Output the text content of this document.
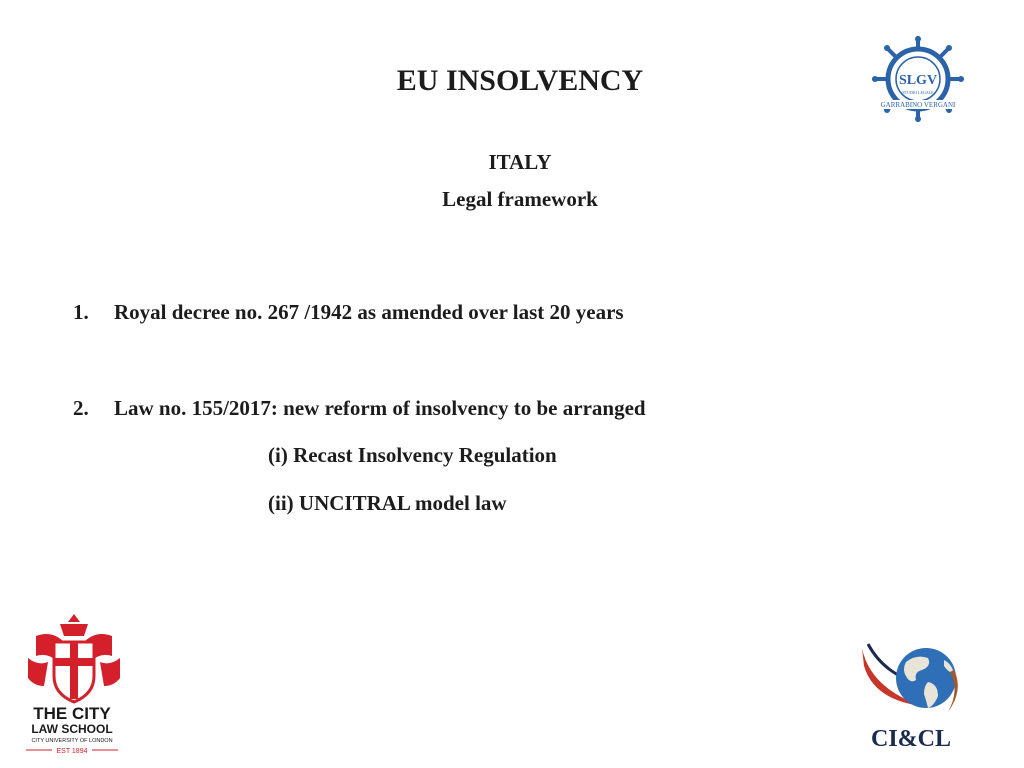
EU INSOLVENCY
ITALY
Legal framework
1. Royal decree no. 267 /1942 as amended over last 20 years
2. Law no. 155/2017: new reform of insolvency to be arranged
(i) Recast Insolvency Regulation
(ii) UNCITRAL model law
SLGV
STUDIO LEGALE
GARRABINO VERGANI
THE CITY
LAW SCHOOL
CITY UNIVERSITY OF LONDON
EST 1894	CI&CL
